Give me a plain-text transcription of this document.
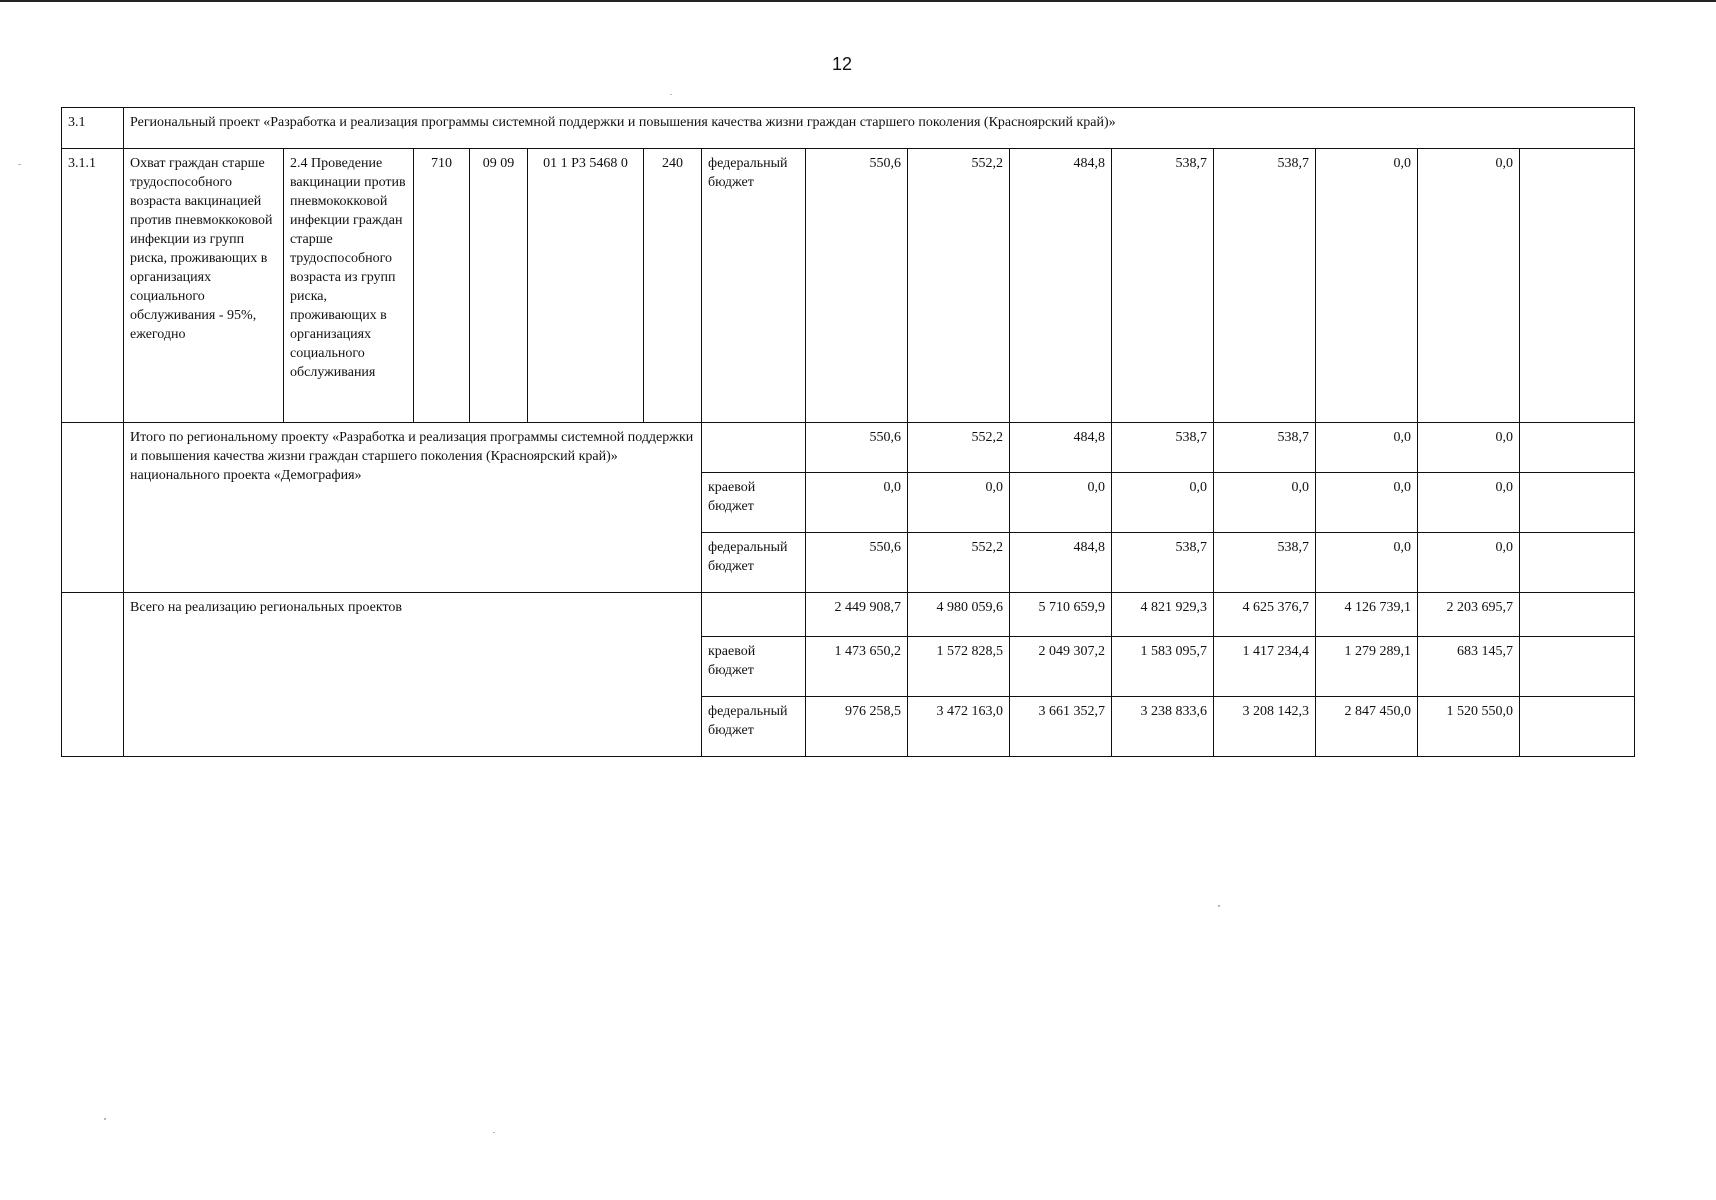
12
3.1	Региональный проект «Разработка и реализация программы системной поддержки и повышения качества жизни граждан старшего поколения (Красноярский край)»														
3.1.1	Охват граждан старше трудоспособного возраста вакцинацией против пневмоккоковой инфекции из групп риска, проживающих в организациях социального обслуживания - 95%, ежегодно	2.4 Проведение вакцинации против пневмококковой инфекции граждан старше трудоспособного возраста из групп риска, проживающих в организациях социального обслуживания	710	09 09	01 1 P3 5468 0	240	федеральный бюджет	550,6	552,2	484,8	538,7	538,7	0,0	0,0	
	Итого по региональному проекту «Разработка и реализация программы системной поддержки и повышения качества жизни граждан старшего поколения (Красноярский край)» национального проекта «Демография»							550,6	552,2	484,8	538,7	538,7	0,0	0,0	
							краевой бюджет	0,0	0,0	0,0	0,0	0,0	0,0	0,0	
							федеральный бюджет	550,6	552,2	484,8	538,7	538,7	0,0	0,0	
	Всего на реализацию региональных проектов							2 449 908,7	4 980 059,6	5 710 659,9	4 821 929,3	4 625 376,7	4 126 739,1	2 203 695,7	
							краевой бюджет	1 473 650,2	1 572 828,5	2 049 307,2	1 583 095,7	1 417 234,4	1 279 289,1	683 145,7	
							федеральный бюджет	976 258,5	3 472 163,0	3 661 352,7	3 238 833,6	3 208 142,3	2 847 450,0	1 520 550,0	
